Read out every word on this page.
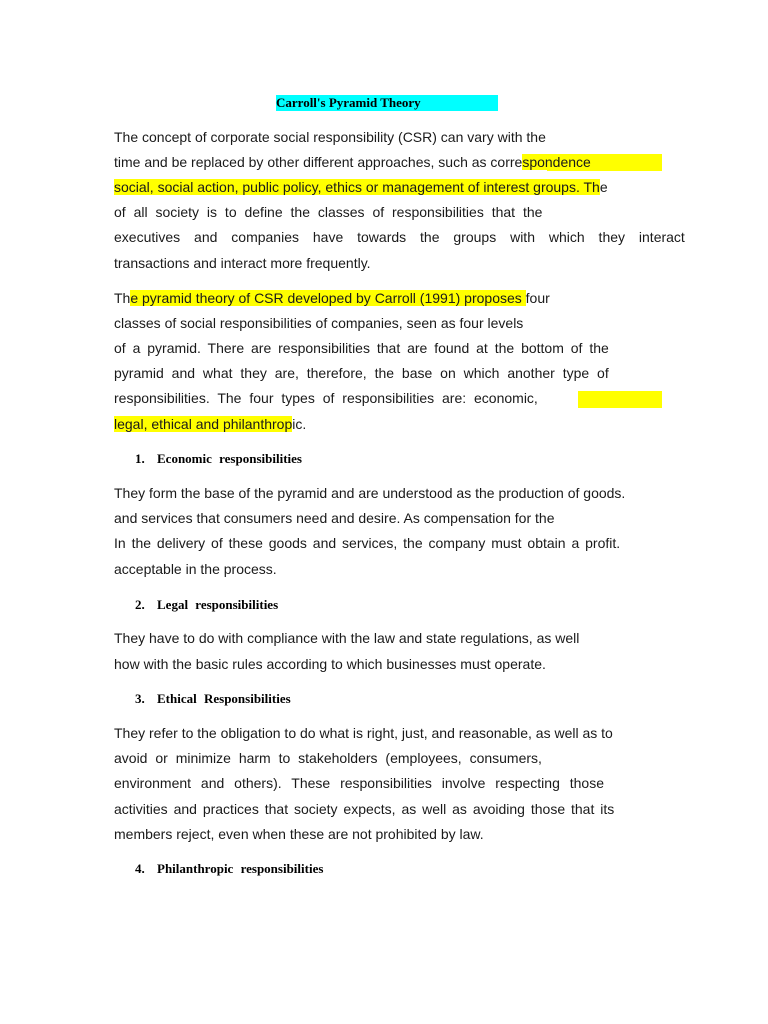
Carroll's Pyramid Theory
The concept of corporate social responsibility (CSR) can vary with the
time and be replaced by other different approaches, such as correspondence
social, social action, public policy, ethics or management of interest groups. The
of all society is to define the classes of responsibilities that the
executives and companies have towards the groups with which they interact
transactions and interact more frequently.
The pyramid theory of CSR developed by Carroll (1991) proposes four
classes of social responsibilities of companies, seen as four levels
of a pyramid. There are responsibilities that are found at the bottom of the
pyramid and what they are, therefore, the base on which another type of
responsibilities. The four types of responsibilities are: economic,
legal, ethical and philanthropic.
1. Economic responsibilities
They form the base of the pyramid and are understood as the production of goods.
and services that consumers need and desire. As compensation for the
In the delivery of these goods and services, the company must obtain a profit.
acceptable in the process.
2. Legal responsibilities
They have to do with compliance with the law and state regulations, as well
how with the basic rules according to which businesses must operate.
3. Ethical Responsibilities
They refer to the obligation to do what is right, just, and reasonable, as well as to
avoid or minimize harm to stakeholders (employees, consumers,
environment and others). These responsibilities involve respecting those
activities and practices that society expects, as well as avoiding those that its
members reject, even when these are not prohibited by law.
4. Philanthropic responsibilities
